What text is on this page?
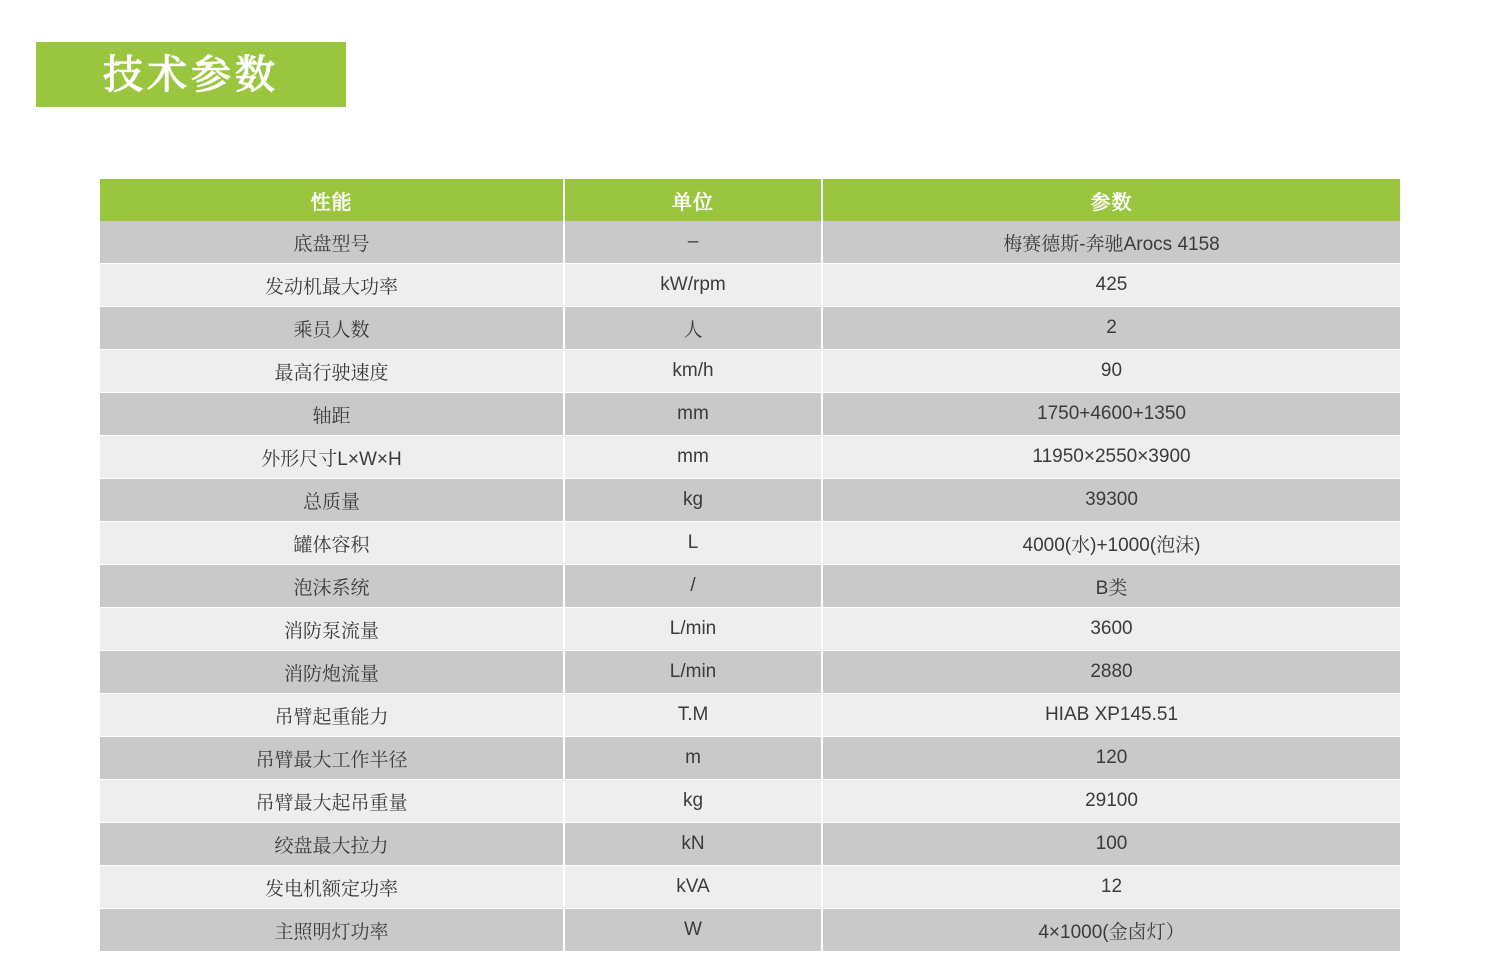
技术参数
性能	单位	参数
底盘型号	–	梅赛德斯-奔驰Arocs 4158
发动机最大功率	kW/rpm	425
乘员人数	人	2
最高行驶速度	km/h	90
轴距	mm	1750+4600+1350
外形尺寸L×W×H	mm	11950×2550×3900
总质量	kg	39300
罐体容积	L	4000(水)+1000(泡沫)
泡沫系统	/	B类
消防泵流量	L/min	3600
消防炮流量	L/min	2880
吊臂起重能力	T.M	HIAB XP145.51
吊臂最大工作半径	m	120
吊臂最大起吊重量	kg	29100
绞盘最大拉力	kN	100
发电机额定功率	kVA	12
主照明灯功率	W	4×1000(金卤灯）
